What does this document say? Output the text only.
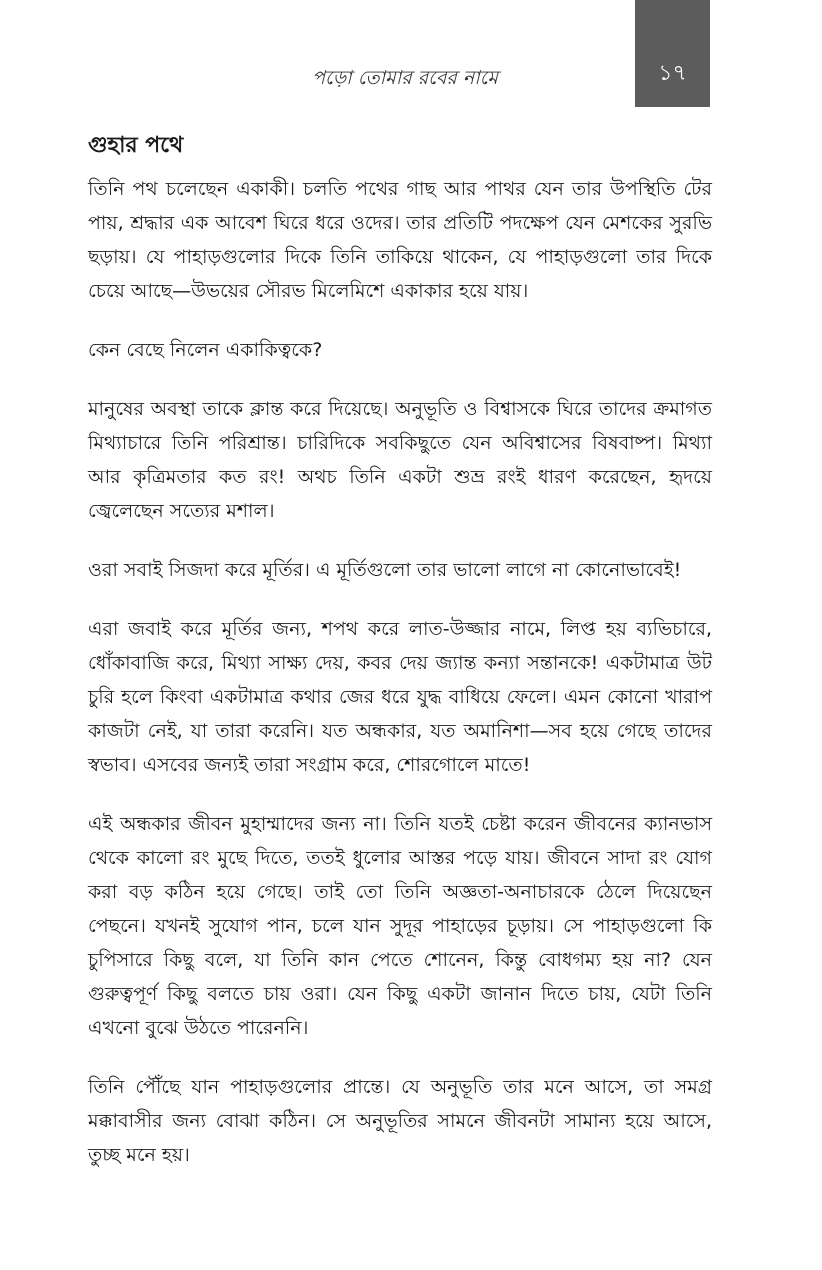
১৭
পড়ো তোমার রবের নামে
গুহার পথে

তিনি পথ চলেছেন একাকী। চলতি পথের গাছ আর পাথর যেন তার উপস্থিতি টের পায়, শ্রদ্ধার এক আবেশ ঘিরে ধরে ওদের। তার প্রতিটি পদক্ষেপ যেন মেশকের সুরভি ছড়ায়। যে পাহাড়গুলোর দিকে তিনি তাকিয়ে থাকেন, যে পাহাড়গুলো তার দিকে চেয়ে আছে—উভয়ের সৌরভ মিলেমিশে একাকার হয়ে যায়।

কেন বেছে নিলেন একাকিত্বকে?

মানুষের অবস্থা তাকে ক্লান্ত করে দিয়েছে। অনুভূতি ও বিশ্বাসকে ঘিরে তাদের ক্রমাগত মিথ্যাচারে তিনি পরিশ্রান্ত। চারিদিকে সবকিছুতে যেন অবিশ্বাসের বিষবাষ্প। মিথ্যা আর কৃত্রিমতার কত রং! অথচ তিনি একটা শুভ্র রংই ধারণ করেছেন, হৃদয়ে জ্বেলেছেন সত্যের মশাল।

ওরা সবাই সিজদা করে মূর্তির। এ মূর্তিগুলো তার ভালো লাগে না কোনোভাবেই!

এরা জবাই করে মূর্তির জন্য, শপথ করে লাত-উজ্জার নামে, লিপ্ত হয় ব্যভিচারে, ধোঁকাবাজি করে, মিথ্যা সাক্ষ্য দেয়, কবর দেয় জ্যান্ত কন্যা সন্তানকে! একটামাত্র উট চুরি হলে কিংবা একটামাত্র কথার জের ধরে যুদ্ধ বাধিয়ে ফেলে। এমন কোনো খারাপ কাজটা নেই, যা তারা করেনি। যত অন্ধকার, যত অমানিশা—সব হয়ে গেছে তাদের স্বভাব। এসবের জন্যই তারা সংগ্রাম করে, শোরগোলে মাতে!

এই অন্ধকার জীবন মুহাম্মাদের জন্য না। তিনি যতই চেষ্টা করেন জীবনের ক্যানভাস থেকে কালো রং মুছে দিতে, ততই ধুলোর আস্তর পড়ে যায়। জীবনে সাদা রং যোগ করা বড় কঠিন হয়ে গেছে। তাই তো তিনি অজ্ঞতা-অনাচারকে ঠেলে দিয়েছেন পেছনে। যখনই সুযোগ পান, চলে যান সুদূর পাহাড়ের চূড়ায়। সে পাহাড়গুলো কি চুপিসারে কিছু বলে, যা তিনি কান পেতে শোনেন, কিন্তু বোধগম্য হয় না? যেন গুরুত্বপূর্ণ কিছু বলতে চায় ওরা। যেন কিছু একটা জানান দিতে চায়, যেটা তিনি এখনো বুঝে উঠতে পারেননি।

তিনি পৌঁছে যান পাহাড়গুলোর প্রান্তে। যে অনুভূতি তার মনে আসে, তা সমগ্র মক্কাবাসীর জন্য বোঝা কঠিন। সে অনুভূতির সামনে জীবনটা সামান্য হয়ে আসে, তুচ্ছ মনে হয়।
